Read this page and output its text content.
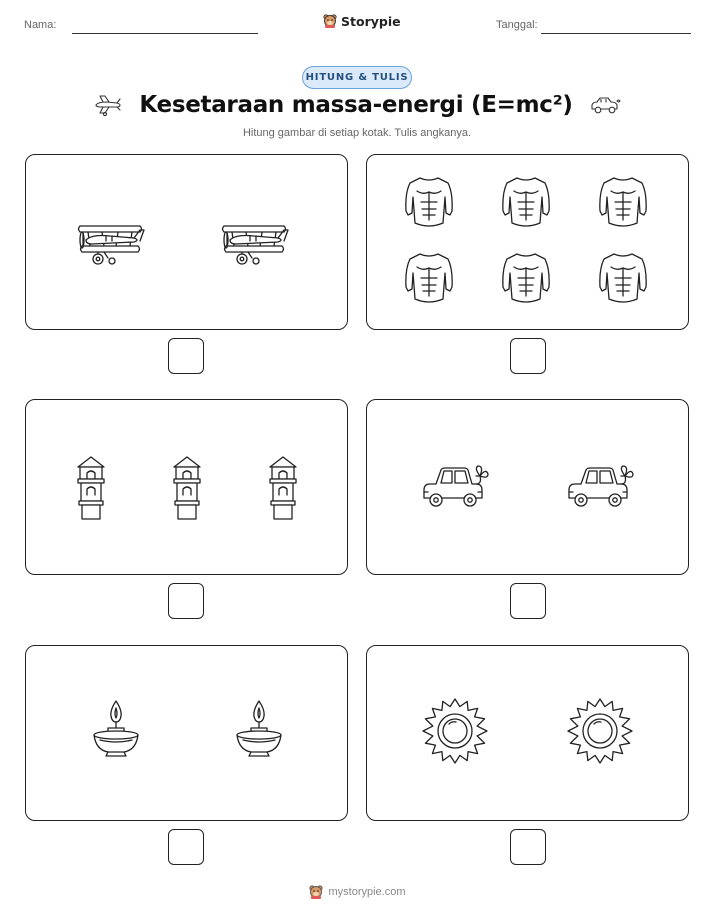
Nama:	Storypie	Tanggal:
HITUNG & TULIS
Kesetaraan massa-energi (E=mc²)
Hitung gambar di setiap kotak. Tulis angkanya.
mystorypie.com
